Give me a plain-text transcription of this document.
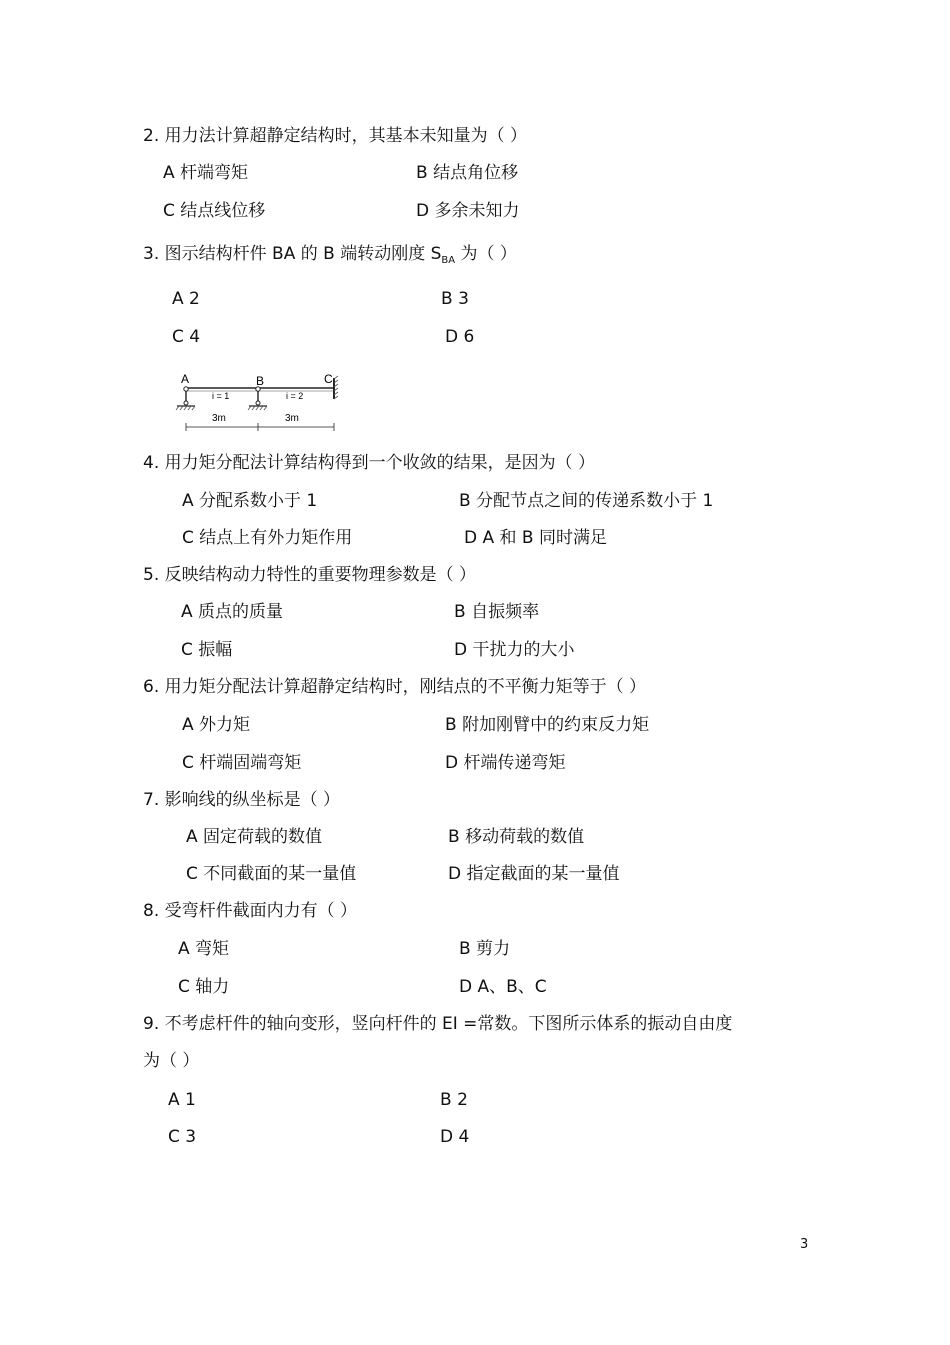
2. 用力法计算超静定结构时，其基本未知量为（ ）
A 杆端弯矩	B 结点角位移
C 结点线位移	D 多余未知力
3. 图示结构杆件 BA 的 B 端转动刚度 $S_{BA}$ 为（ ）
A 2	B 3
C 4	D 6
A	B	C
i = 1	i = 2
3m	3m
4. 用力矩分配法计算结构得到一个收敛的结果，是因为（ ）
A 分配系数小于 1	B 分配节点之间的传递系数小于 1
C 结点上有外力矩作用	D A 和 B 同时满足
5. 反映结构动力特性的重要物理参数是（ ）
A 质点的质量	B 自振频率
C 振幅	D 干扰力的大小
6. 用力矩分配法计算超静定结构时，刚结点的不平衡力矩等于（ ）
A 外力矩	B 附加刚臂中的约束反力矩
C 杆端固端弯矩	D 杆端传递弯矩
7. 影响线的纵坐标是（ ）
A 固定荷载的数值	B 移动荷载的数值
C 不同截面的某一量值	D 指定截面的某一量值
8. 受弯杆件截面内力有（ ）
A 弯矩	B 剪力
C 轴力	D A、B、C
9. 不考虑杆件的轴向变形，竖向杆件的 EI =常数。下图所示体系的振动自由度
为（ ）
A 1	B 2
C 3	D 4
3
